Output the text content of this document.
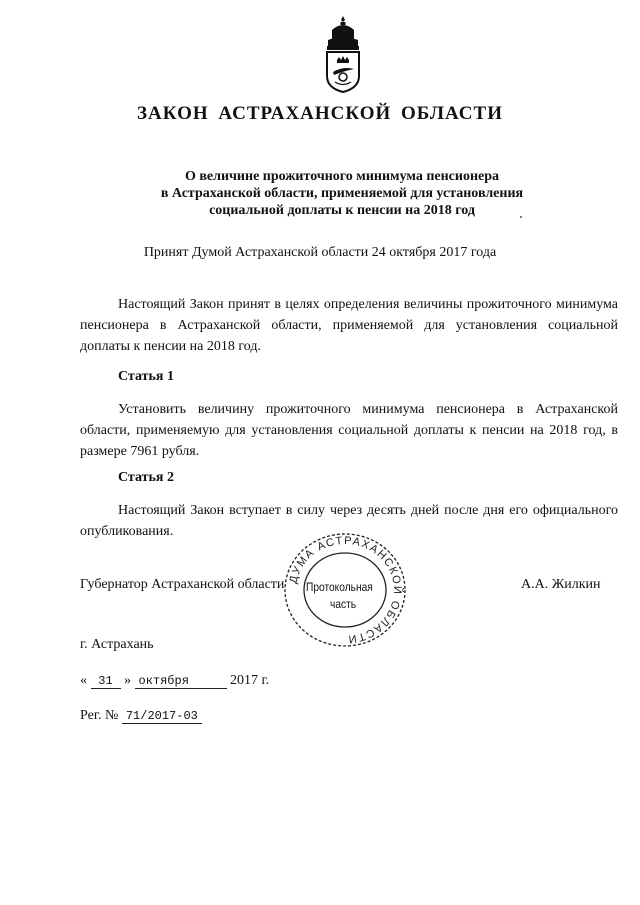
ЗАКОН АСТРАХАНСКОЙ ОБЛАСТИ
О величине прожиточного минимума пенсионера
в Астраханской области, применяемой для установления
социальной доплаты к пенсии на 2018 год
Принят Думой Астраханской области 24 октября 2017 года

Настоящий Закон принят в целях определения величины прожиточного минимума пенсионера в Астраханской области, применяемой для установления социальной доплаты к пенсии на 2018 год.

Статья 1

Установить величину прожиточного минимума пенсионера в Астраханской области, применяемую для установления социальной доплаты к пенсии на 2018 год, в размере 7961 рубля.

Статья 2

Настоящий Закон вступает в силу через десять дней после дня его официального опубликования.

ДУМА АСТРАХАНСКОЙ ОБЛАСТИ
Губернатор Астраханской области Протокольная
часть
А.А. Жилкин
г. Астрахань
« 31 » октября	2017 г.
Рег. № 71/2017-03
